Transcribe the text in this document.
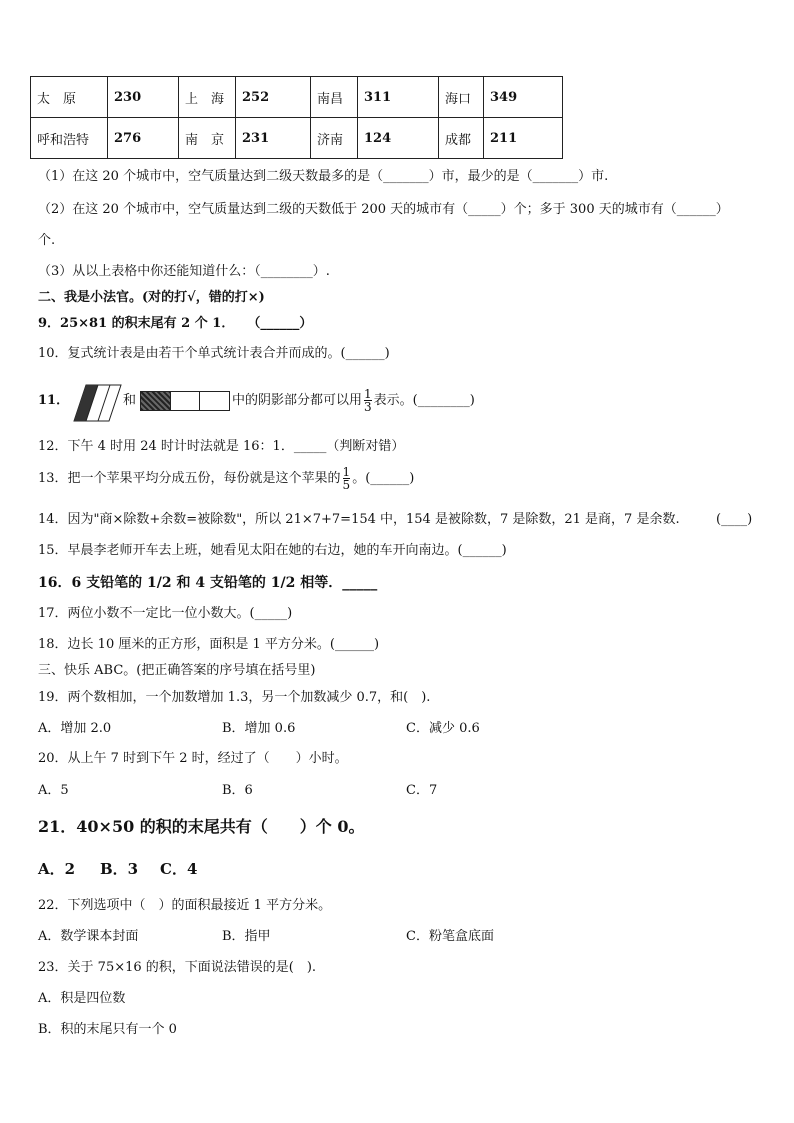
太　原	230	上　海	252	南昌	311	海口	349
呼和浩特	276	南　京	231	济南	124	成都	211
（1）在这 20 个城市中，空气质量达到二级天数最多的是（_______）市，最少的是（_______）市.
（2）在这 20 个城市中，空气质量达到二级的天数低于 200 天的城市有（_____）个；多于 300 天的城市有（______）
个.
（3）从以上表格中你还能知道什么：（________）.
二、我是小法官。(对的打√，错的打×)
9．25×81 的积末尾有 2 个 1．　　（______）
10．复式统计表是由若干个单式统计表合并而成的。(______)
11．	和	中的阴影部分都可以用 $\frac{1}{3}$ 表示。(________)
12．下午 4 时用 24 时计时法就是 16：1．_____（判断对错）
13．把一个苹果平均分成五份，每份就是这个苹果的 $\frac{1}{5}$ 。(______)
14．因为"商×除数+余数=被除数"，所以 21×7+7=154 中，154 是被除数，7 是除数，21 是商，7 是余数.	(____)
15．早晨李老师开车去上班，她看见太阳在她的右边，她的车开向南边。(______)
16．6 支铅笔的 1/2 和 4 支铅笔的 1/2 相等．_____
17．两位小数不一定比一位小数大。(_____)
18．边长 10 厘米的正方形，面积是 1 平方分米。(______)
三、快乐 ABC。(把正确答案的序号填在括号里)
19．两个数相加，一个加数增加 1.3，另一个加数减少 0.7，和(　).
A．增加 2.0	B．增加 0.6	C．减少 0.6
20．从上午 7 时到下午 2 时，经过了（　　）小时。
A．5	B．6	C．7
21．40×50 的积的末尾共有（　　）个 0。
A．2 B．3 C．4
22．下列选项中（　）的面积最接近 1 平方分米。
A．数学课本封面	B．指甲	C．粉笔盒底面
23．关于 75×16 的积，下面说法错误的是(　).
A．积是四位数
B．积的末尾只有一个 0
